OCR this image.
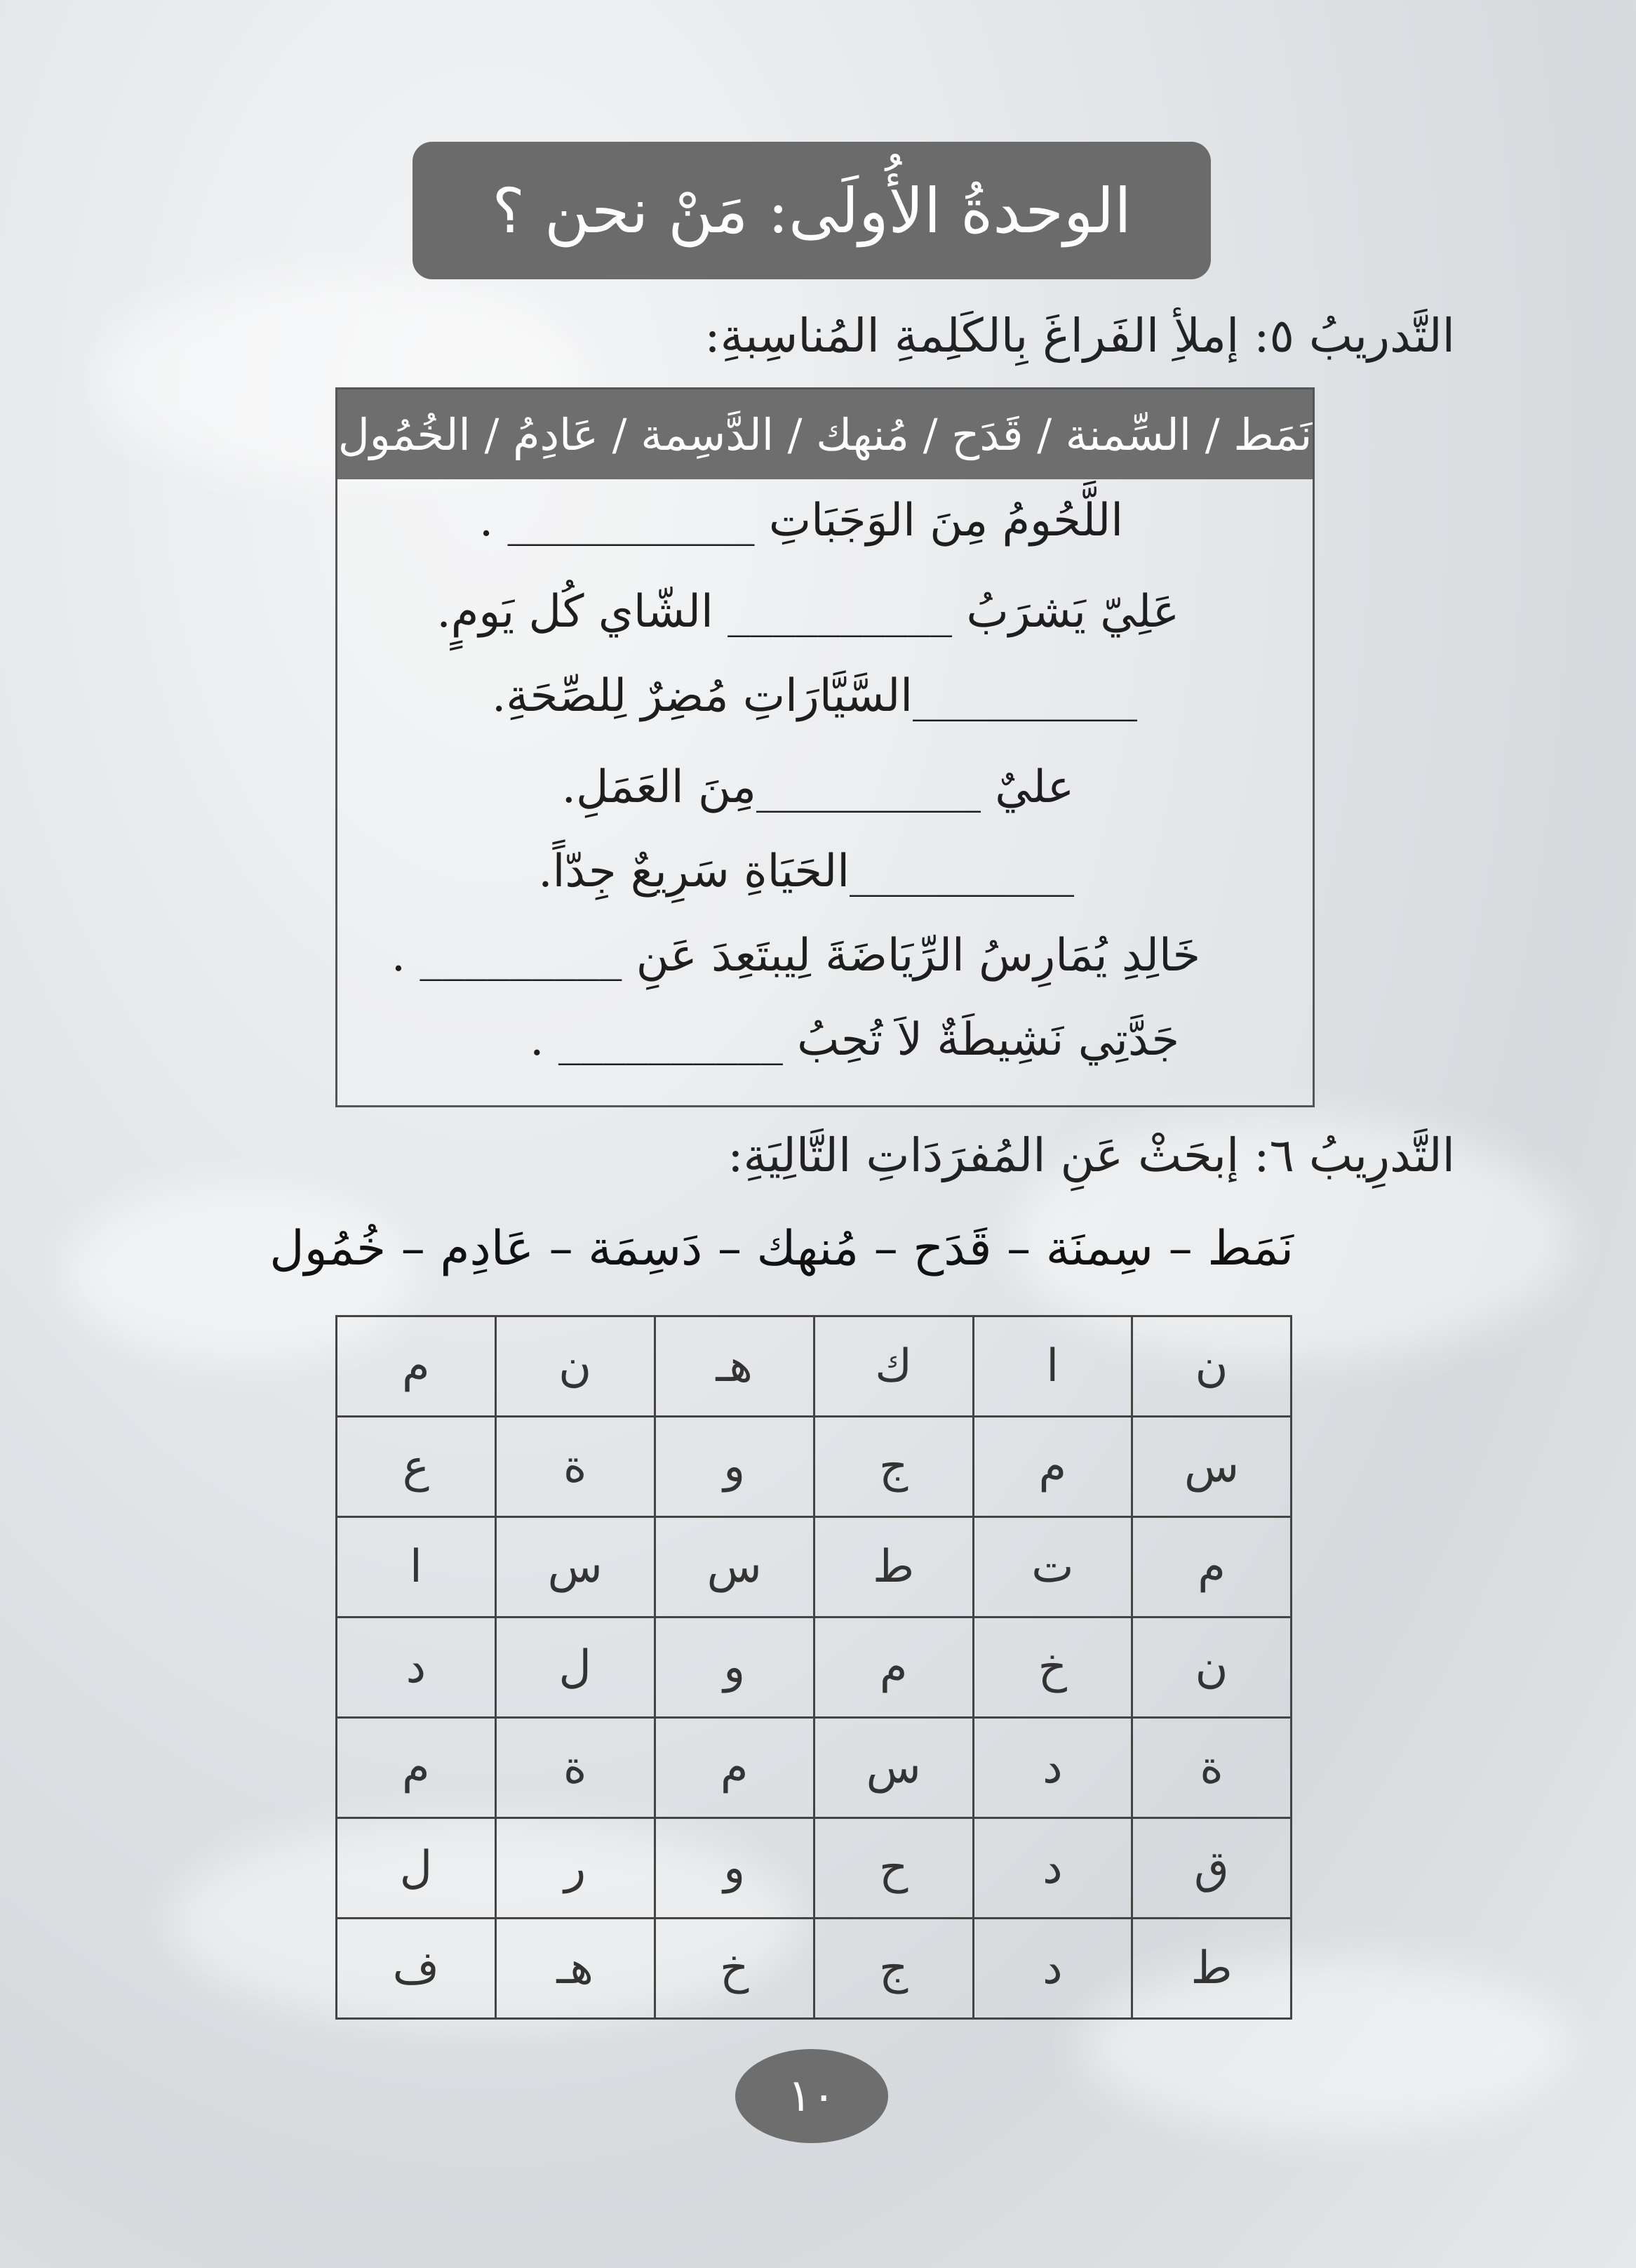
الوحدةُ الأُولَى: مَنْ نحن ؟
التَّدريبُ ٥: إملأِ الفَراغَ بِالكَلِمةِ المُناسِبةِ:
نَمَط / السِّمنة / قَدَح / مُنهك / الدَّسِمة / عَادِمُ / الخُمُول
اللَّحُومُ مِنَ الوَجَبَاتِ ___________ .
عَلِيّ يَشرَبُ __________ الشّاي كُل يَومٍ.
__________السَّيَّارَاتِ مُضِرٌ لِلصِّحَةِ.
عليٌ __________مِنَ العَمَلِ.
__________الحَيَاةِ سَرِيعٌ جِدّاً.
خَالِدِ يُمَارِسُ الرِّيَاضَةَ لِيبتَعِدَ عَنِ _________ .
جَدَّتِي نَشِيطَةٌ لاَ تُحِبُ __________ .
التَّدرِيبُ ٦: إبحَثْ عَنِ المُفرَدَاتِ التَّالِيَةِ:
نَمَط – سِمنَة – قَدَح – مُنهك – دَسِمَة – عَادِم – خُمُول
ن	ا	ك	هـ	ن	م
س	م	ج	و	ة	ع
م	ت	ط	س	س	ا
ن	خ	م	و	ل	د
ة	د	س	م	ة	م
ق	د	ح	و	ر	ل
ط	د	ج	خ	هـ	ف
١٠
